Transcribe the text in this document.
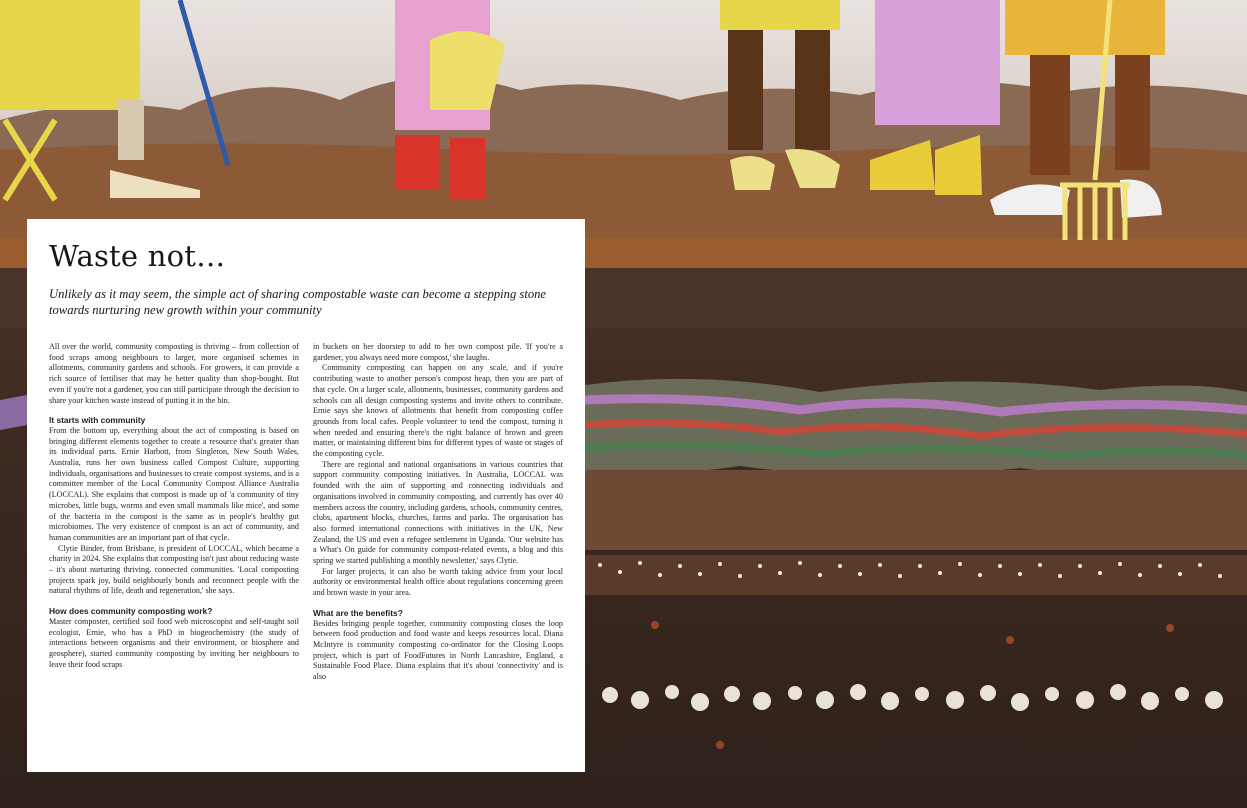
Waste not…

Unlikely as it may seem, the simple act of sharing compostable waste can become a stepping stone towards nurturing new growth within your community

All over the world, community composting is thriving – from collection of food scraps among neighbours to larger, more organised schemes in allotments, community gardens and schools. For growers, it can provide a rich source of fertiliser that may be better quality than shop-bought. But even if you're not a gardener, you can still participate through the decision to share your kitchen waste instead of putting it in the bin.

It starts with community

From the bottom up, everything about the act of composting is based on bringing different elements together to create a resource that's greater than its individual parts. Ernie Harbott, from Singleton, New South Wales, Australia, runs her own business called Compost Culture, supporting individuals, organisations and businesses to create compost systems, and is a committee member of the Local Community Compost Alliance Australia (LOCCAL). She explains that compost is made up of 'a community of tiny microbes, little bugs, worms and even small mammals like mice', and some of the bacteria in the compost is the same as in people's healthy gut microbiomes. The very existence of compost is an act of community, and human communities are an important part of that cycle.

Clytie Binder, from Brisbane, is president of LOCCAL, which became a charity in 2024. She explains that composting isn't just about reducing waste – it's about nurturing thriving, connected communities. 'Local composting projects spark joy, build neighbourly bonds and reconnect people with the natural rhythms of life, death and regeneration,' she says.

How does community composting work?

Master composter, certified soil food web microscopist and self-taught soil ecologist, Ernie, who has a PhD in biogeochemistry (the study of interactions between organisms and their environment, or biosphere and geosphere), started community composting by inviting her neighbours to leave their food scraps

in buckets on her doorstep to add to her own compost pile. 'If you're a gardener, you always need more compost,' she laughs.

Community composting can happen on any scale, and if you're contributing waste to another person's compost heap, then you are part of that cycle. On a larger scale, allotments, businesses, community gardens and schools can all design composting systems and invite others to contribute. Ernie says she knows of allotments that benefit from composting coffee grounds from local cafes. People volunteer to tend the compost, turning it when needed and ensuring there's the right balance of brown and green matter, or maintaining different bins for different types of waste or stages of the composting cycle.

There are regional and national organisations in various countries that support community composting initiatives. In Australia, LOCCAL was founded with the aim of supporting and connecting individuals and organisations involved in community composting, and currently has over 40 members across the country, including gardens, schools, community centres, clubs, apartment blocks, churches, farms and parks. The organisation has also formed international connections with initiatives in the UK, New Zealand, the US and even a refugee settlement in Uganda. 'Our website has a What's On guide for community compost-related events, a blog and this spring we started publishing a monthly newsletter,' says Clytie.

For larger projects, it can also be worth taking advice from your local authority or environmental health office about regulations concerning green and brown waste in your area.

What are the benefits?

Besides bringing people together, community composting closes the loop between food production and food waste and keeps resources local. Diana McIntyre is community composting co-ordinator for the Closing Loops project, which is part of FoodFutures in North Lancashire, England, a Sustainable Food Place. Diana explains that it's about 'connectivity' and is also
